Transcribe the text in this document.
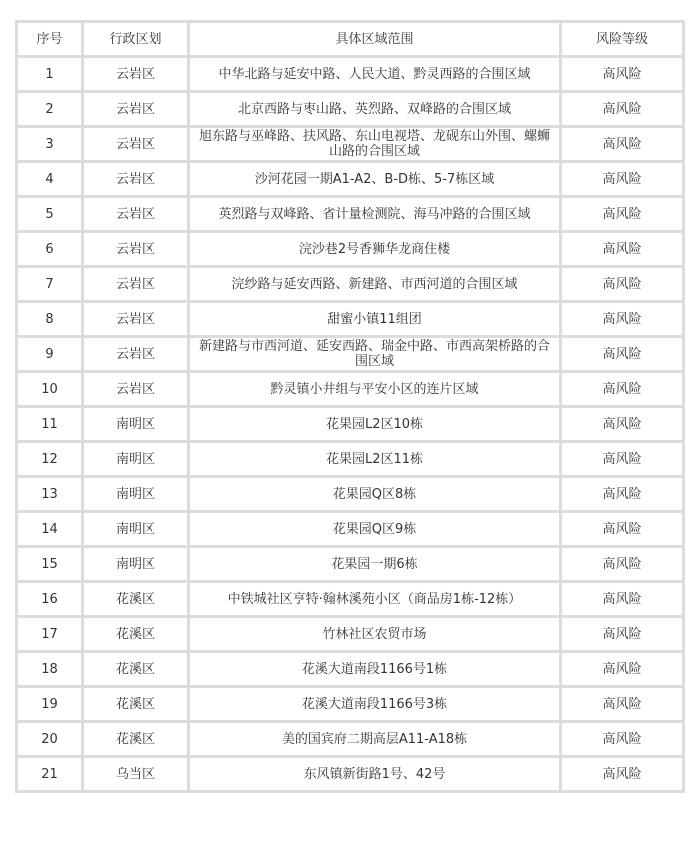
序号	行政区划	具体区域范围	风险等级
1	云岩区	中华北路与延安中路、人民大道、黔灵西路的合围区域	高风险
2	云岩区	北京西路与枣山路、英烈路、双峰路的合围区域	高风险
3	云岩区	旭东路与巫峰路、扶风路、东山电视塔、龙砚东山外围、螺蛳山路的合围区域	高风险
4	云岩区	沙河花园一期A1-A2、B-D栋、5-7栋区域	高风险
5	云岩区	英烈路与双峰路、省计量检测院、海马冲路的合围区域	高风险
6	云岩区	浣沙巷2号香狮华龙商住楼	高风险
7	云岩区	浣纱路与延安西路、新建路、市西河道的合围区域	高风险
8	云岩区	甜蜜小镇11组团	高风险
9	云岩区	新建路与市西河道、延安西路、瑞金中路、市西高架桥路的合围区域	高风险
10	云岩区	黔灵镇小井组与平安小区的连片区域	高风险
11	南明区	花果园L2区10栋	高风险
12	南明区	花果园L2区11栋	高风险
13	南明区	花果园Q区8栋	高风险
14	南明区	花果园Q区9栋	高风险
15	南明区	花果园一期6栋	高风险
16	花溪区	中铁城社区亨特·翰林溪苑小区（商品房1栋-12栋）	高风险
17	花溪区	竹林社区农贸市场	高风险
18	花溪区	花溪大道南段1166号1栋	高风险
19	花溪区	花溪大道南段1166号3栋	高风险
20	花溪区	美的国宾府二期高层A11-A18栋	高风险
21	乌当区	东风镇新街路1号、42号	高风险
